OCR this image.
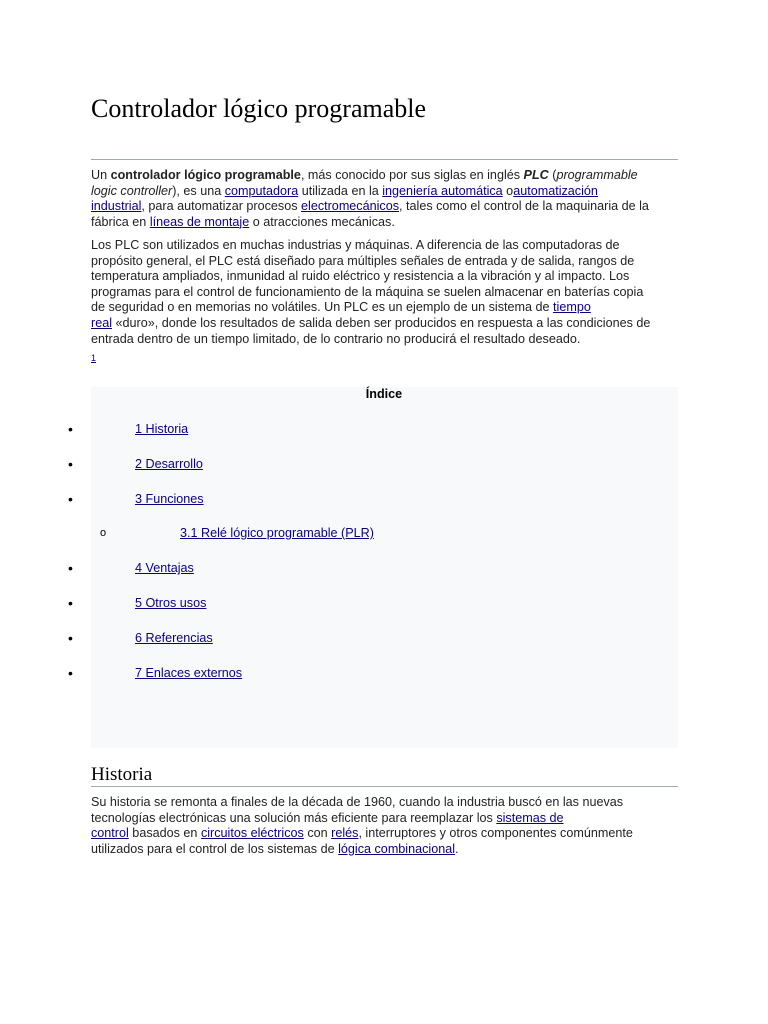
Controlador lógico programable

Un controlador lógico programable, más conocido por sus siglas en inglés PLC (programmable
logic controller), es una computadora utilizada en la ingeniería automática oautomatización
industrial, para automatizar procesos electromecánicos, tales como el control de la maquinaria de la
fábrica en líneas de montaje o atracciones mecánicas.

Los PLC son utilizados en muchas industrias y máquinas. A diferencia de las computadoras de
propósito general, el PLC está diseñado para múltiples señales de entrada y de salida, rangos de
temperatura ampliados, inmunidad al ruido eléctrico y resistencia a la vibración y al impacto. Los
programas para el control de funcionamiento de la máquina se suelen almacenar en baterías copia
de seguridad o en memorias no volátiles. Un PLC es un ejemplo de un sistema de tiempo
real «duro», donde los resultados de salida deben ser producidos en respuesta a las condiciones de
entrada dentro de un tiempo limitado, de lo contrario no producirá el resultado deseado.

1
Índice
•	1 Historia
•	2 Desarrollo
•	3 Funciones
o	3.1 Relé lógico programable (PLR)
•	4 Ventajas
•	5 Otros usos
•	6 Referencias
•	7 Enlaces externos
Historia

Su historia se remonta a finales de la década de 1960, cuando la industria buscó en las nuevas
tecnologías electrónicas una solución más eficiente para reemplazar los sistemas de
control basados en circuitos eléctricos con relés, interruptores y otros componentes comúnmente
utilizados para el control de los sistemas de lógica combinacional.
